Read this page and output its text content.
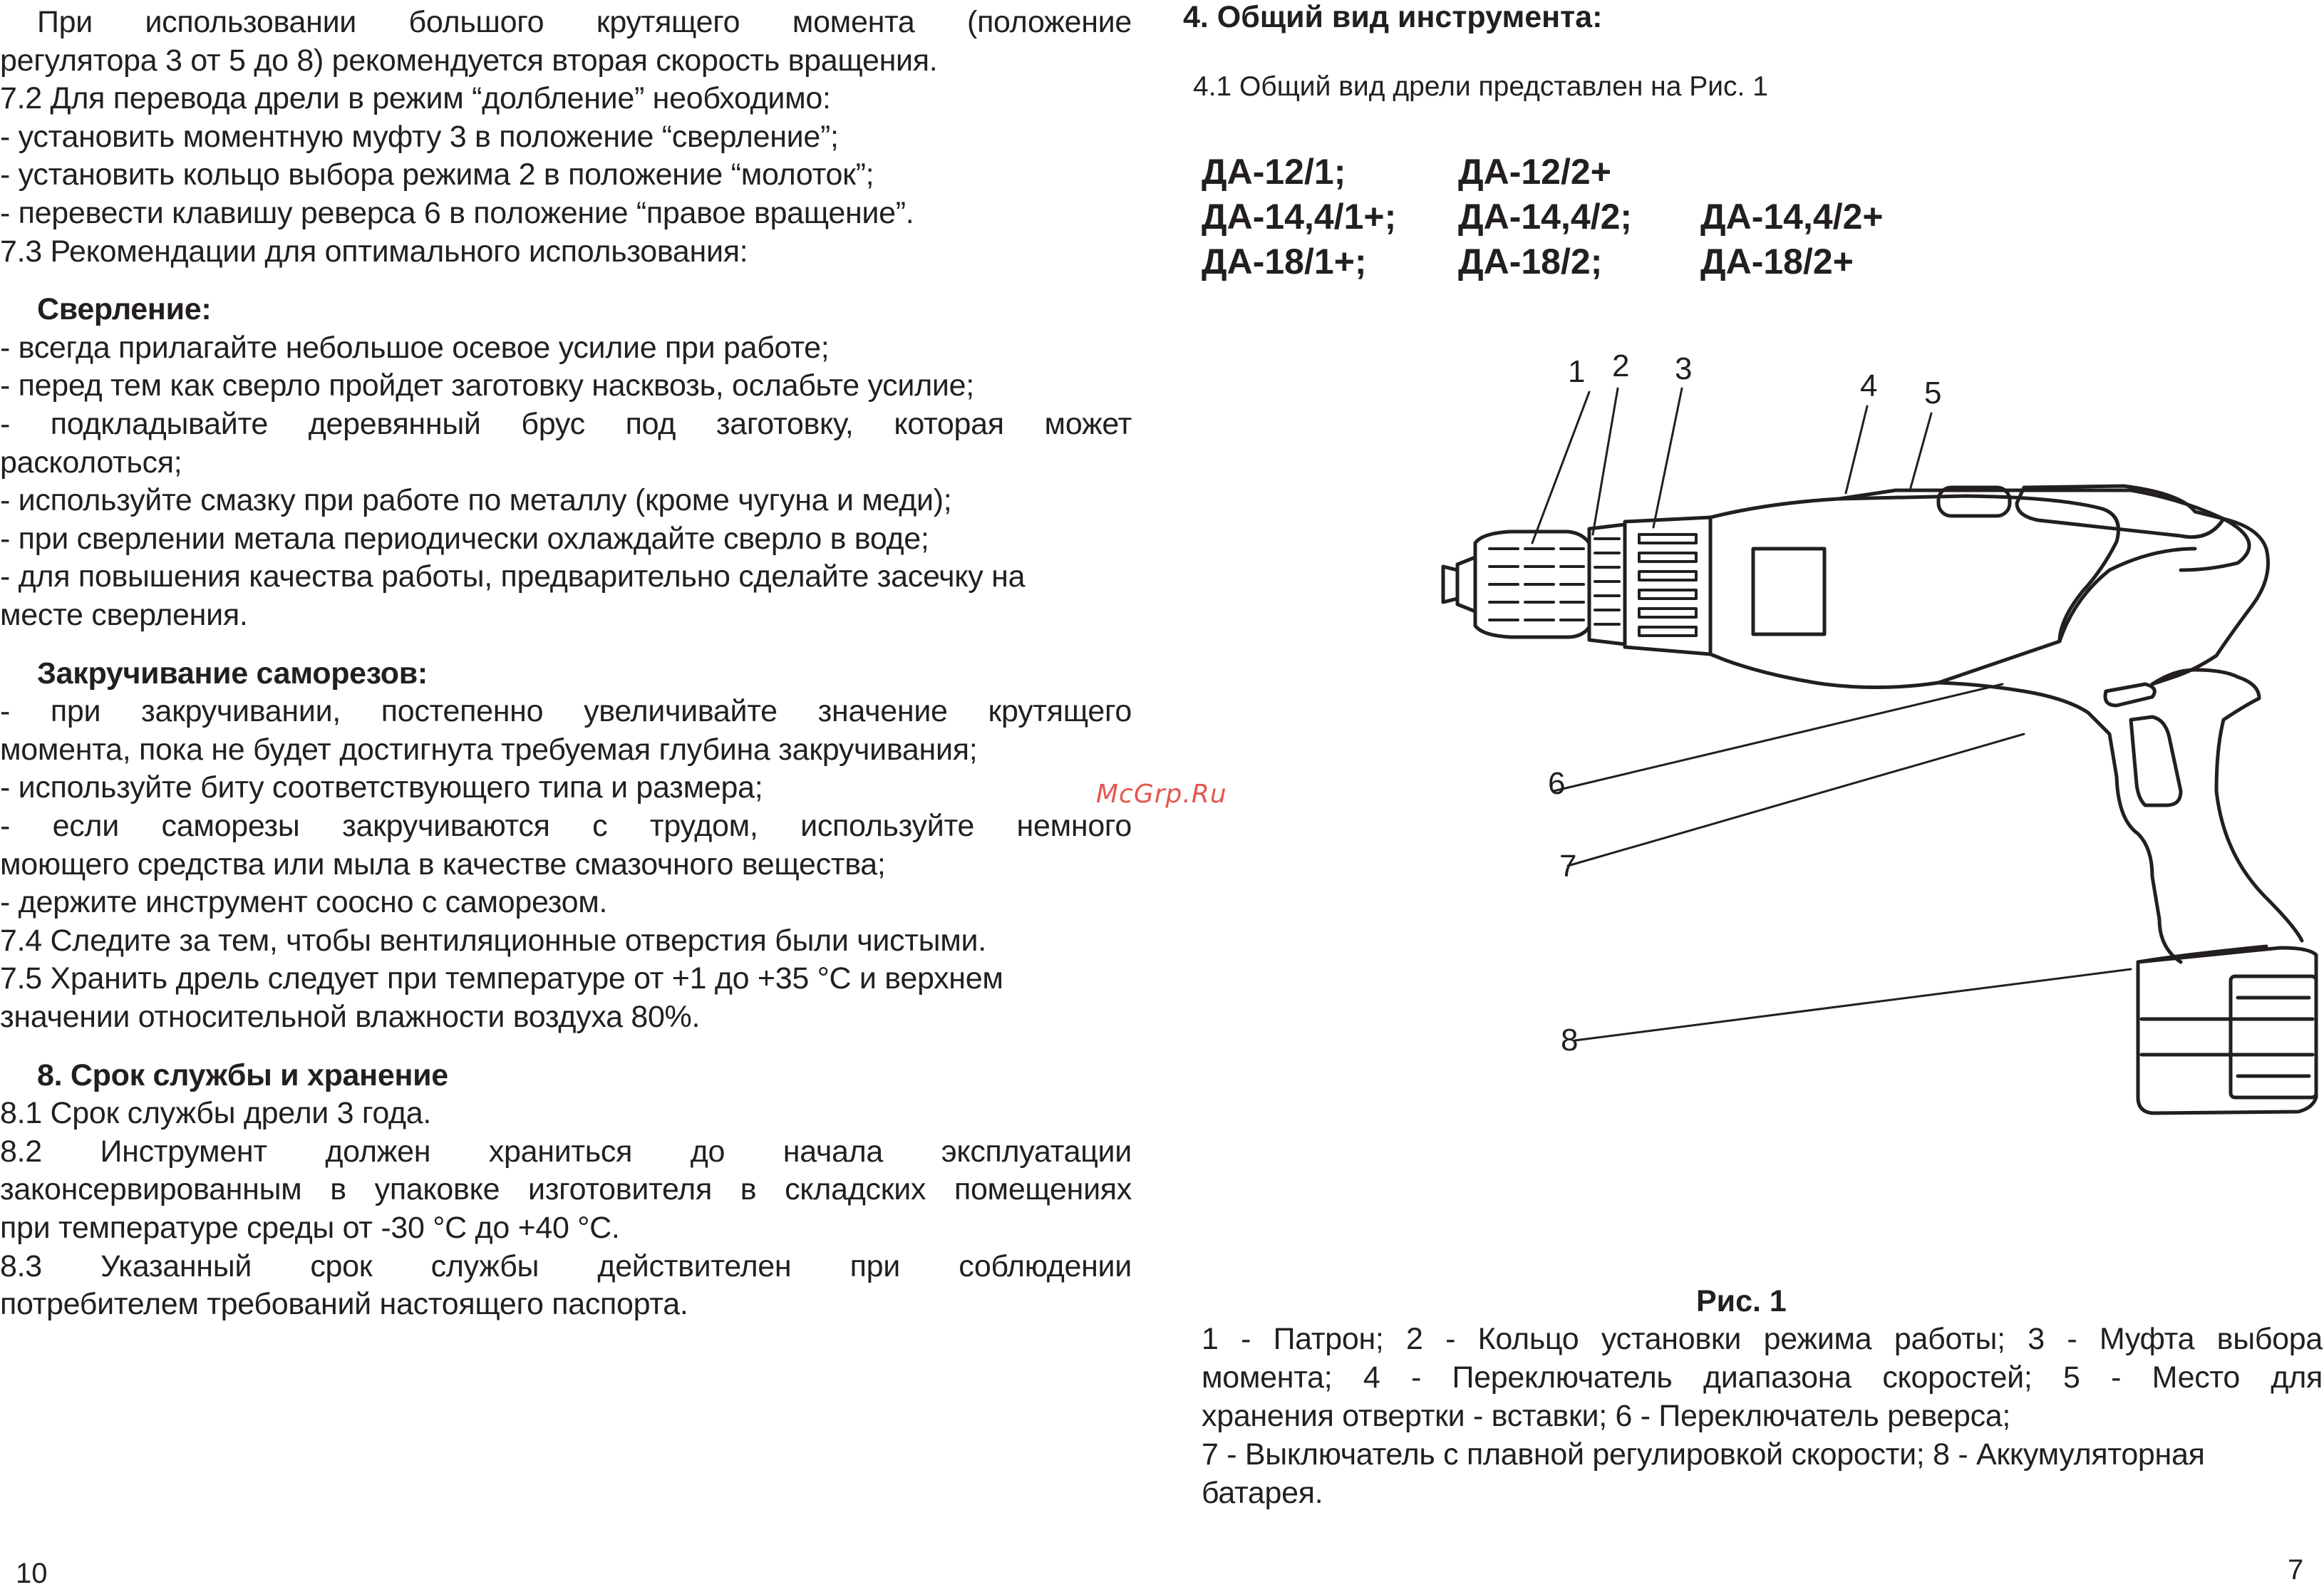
При использовании большого крутящего момента (положение
регулятора 3 от 5 до 8) рекомендуется вторая скорость вращения.
7.2 Для перевода дрели в режим “долбление” необходимо:
- установить моментную муфту 3 в положение “сверление”;
- установить кольцо выбора режима 2 в положение “молоток”;
- перевести клавишу реверса 6 в положение “правое вращение”.
7.3 Рекомендации для оптимального использования:
Сверление:
- всегда прилагайте небольшое осевое усилие при работе;
- перед тем как сверло пройдет заготовку насквозь, ослабьте усилие;
- подкладывайте деревянный брус под заготовку, которая может
расколоться;
- используйте смазку при работе по металлу (кроме чугуна и меди);
- при сверлении метала периодически охлаждайте сверло в воде;
- для повышения качества работы, предварительно сделайте засечку на
месте сверления.
Закручивание саморезов:
- при закручивании, постепенно увеличивайте значение крутящего
момента, пока не будет достигнута требуемая глубина закручивания;
- используйте биту соответствующего типа и размера;
- если саморезы закручиваются с трудом, используйте немного
моющего средства или мыла в качестве смазочного вещества;
- держите инструмент соосно с саморезом.
7.4 Следите за тем, чтобы вентиляционные отверстия были чистыми.
7.5 Хранить дрель следует при температуре от +1 до +35 °С и верхнем
значении относительной влажности воздуха 80%.
8. Срок службы и хранение
8.1 Срок службы дрели 3 года.
8.2 Инструмент должен храниться до начала эксплуатации
законсервированным в упаковке изготовителя в складских помещениях
при температуре среды от -30 °С до +40 °С.
8.3 Указанный срок службы действителен при соблюдении
потребителем требований настоящего паспорта.
10
McGrp.Ru
4. Общий вид инструмента:
4.1 Общий вид дрели представлен на Рис. 1
ДА-12/1;	ДА-12/2+
ДА-14,4/1+; ДА-14,4/2; ДА-14,4/2+
ДА-18/1+;	ДА-18/2;	ДА-18/2+
1 2 3	4 5
6
7
8
Рис. 1
1 - Патрон; 2 - Кольцо установки режима работы; 3 - Муфта выбора
момента; 4 - Переключатель диапазона скоростей; 5 - Место для
хранения отвертки - вставки; 6 - Переключатель реверса;
7 - Выключатель с плавной регулировкой скорости; 8 - Аккумуляторная
батарея.
7
